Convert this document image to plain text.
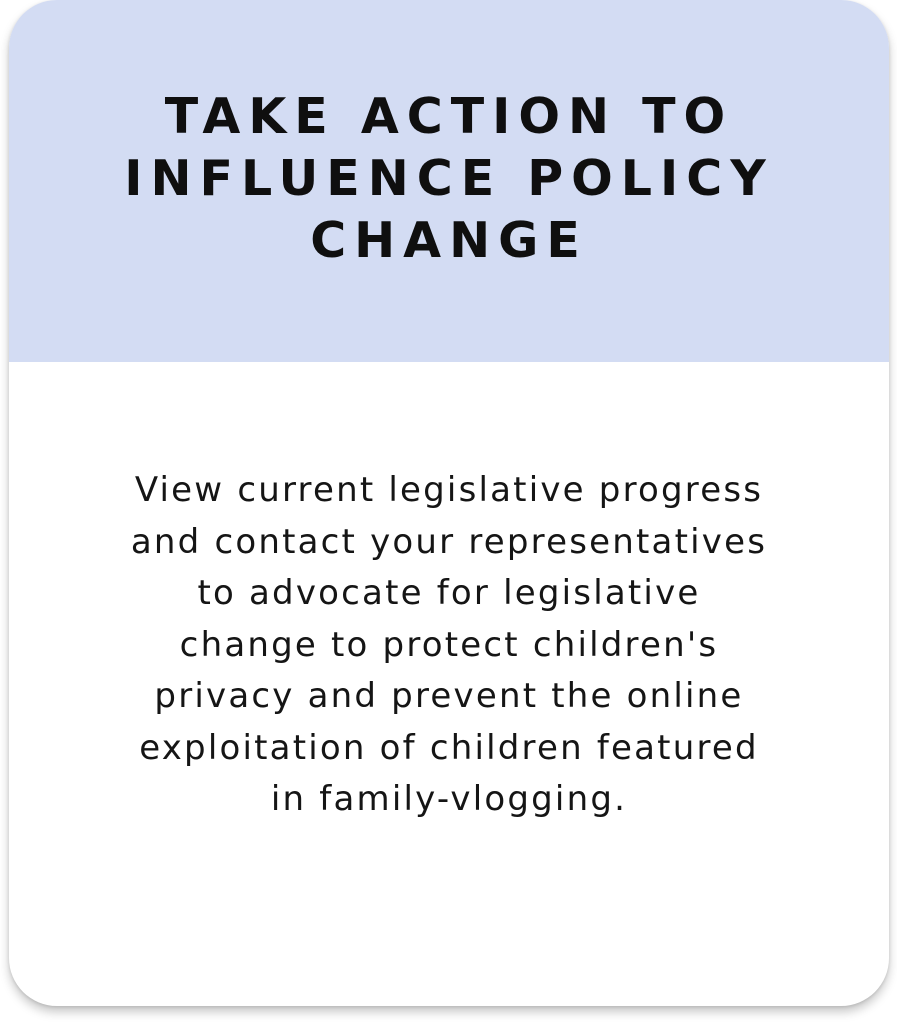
TAKE ACTION TO INFLUENCE POLICY CHANGE
View current legislative progress and contact your representatives to advocate for legislative change to protect children's privacy and prevent the online exploitation of children featured in family-vlogging.
